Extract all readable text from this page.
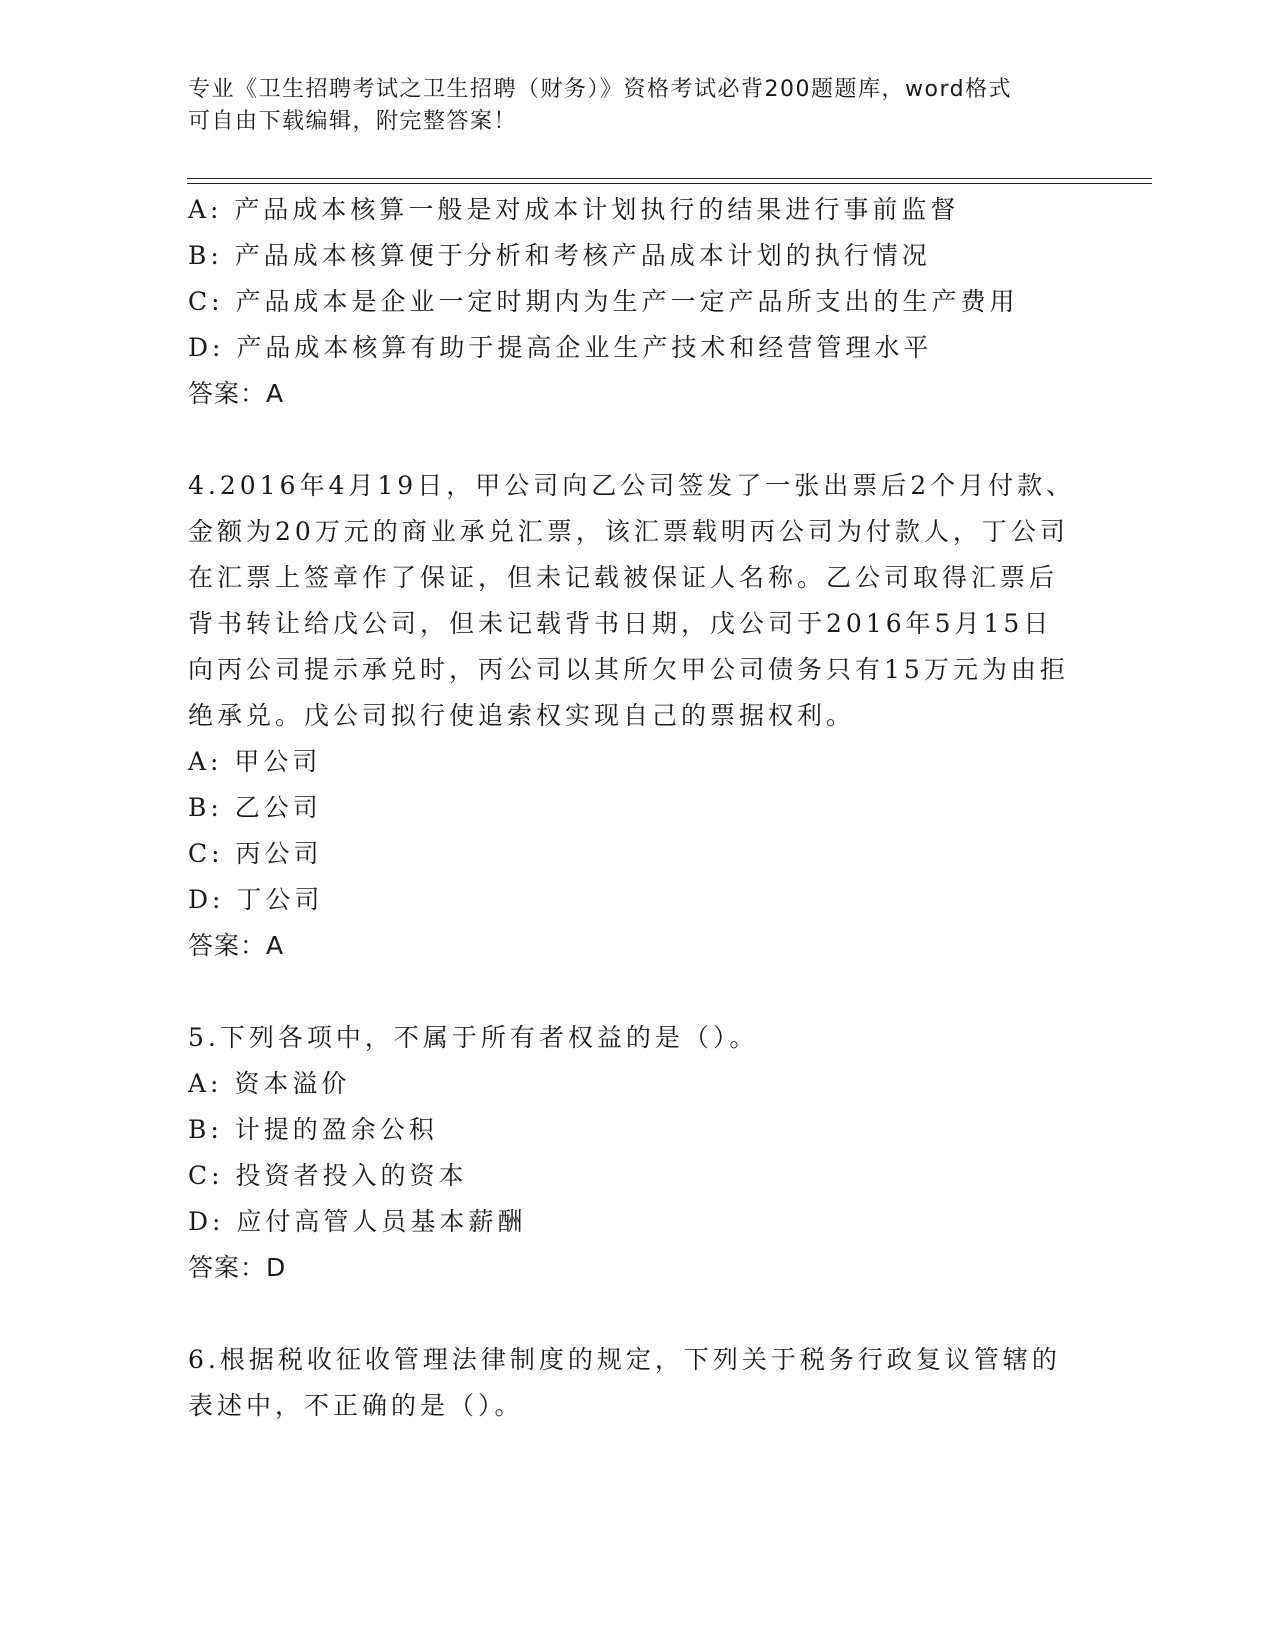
专业《卫生招聘考试之卫生招聘（财务）》资格考试必背200题题库，word格式
可自由下载编辑，附完整答案！
A: 产品成本核算一般是对成本计划执行的结果进行事前监督
B: 产品成本核算便于分析和考核产品成本计划的执行情况
C: 产品成本是企业一定时期内为生产一定产品所支出的生产费用
D: 产品成本核算有助于提高企业生产技术和经营管理水平
答案：A
4.2016年4月19日，甲公司向乙公司签发了一张出票后2个月付款、
金额为20万元的商业承兑汇票，该汇票载明丙公司为付款人，丁公司
在汇票上签章作了保证，但未记载被保证人名称。乙公司取得汇票后
背书转让给戊公司，但未记载背书日期，戊公司于2016年5月15日
向丙公司提示承兑时，丙公司以其所欠甲公司债务只有15万元为由拒
绝承兑。戊公司拟行使追索权实现自己的票据权利。
A: 甲公司
B: 乙公司
C: 丙公司
D: 丁公司
答案：A
5.下列各项中，不属于所有者权益的是（）。
A: 资本溢价
B: 计提的盈余公积
C: 投资者投入的资本
D: 应付高管人员基本薪酬
答案：D
6.根据税收征收管理法律制度的规定，下列关于税务行政复议管辖的
表述中，不正确的是（）。
